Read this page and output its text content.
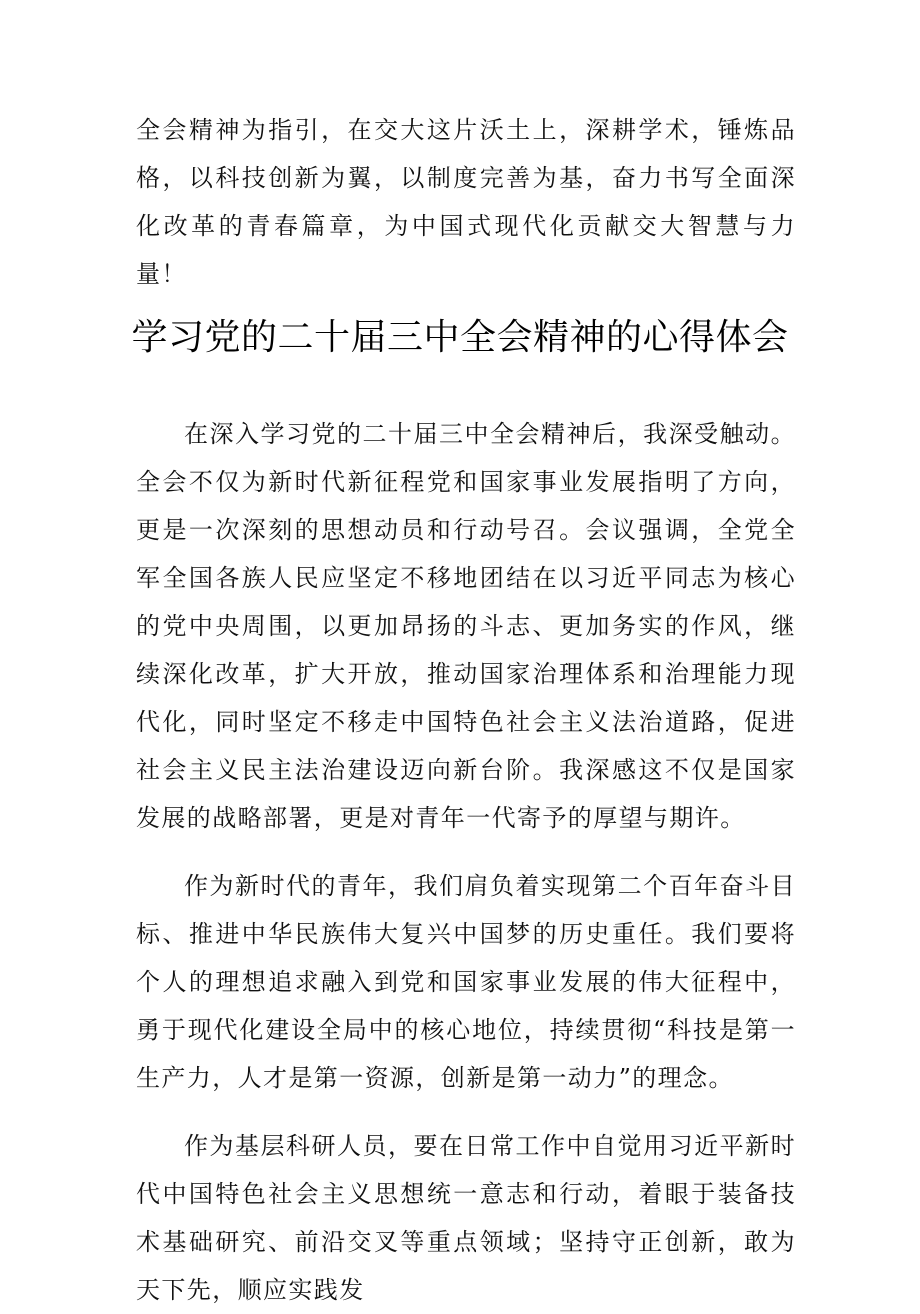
全会精神为指引，在交大这片沃土上，深耕学术，锤炼品格，以科技创新为翼，以制度完善为基，奋力书写全面深化改革的青春篇章，为中国式现代化贡献交大智慧与力量！

学习党的二十届三中全会精神的心得体会

在深入学习党的二十届三中全会精神后，我深受触动。全会不仅为新时代新征程党和国家事业发展指明了方向，更是一次深刻的思想动员和行动号召。会议强调，全党全军全国各族人民应坚定不移地团结在以习近平同志为核心的党中央周围，以更加昂扬的斗志、更加务实的作风，继续深化改革，扩大开放，推动国家治理体系和治理能力现代化，同时坚定不移走中国特色社会主义法治道路，促进社会主义民主法治建设迈向新台阶。我深感这不仅是国家发展的战略部署，更是对青年一代寄予的厚望与期许。

作为新时代的青年，我们肩负着实现第二个百年奋斗目标、推进中华民族伟大复兴中国梦的历史重任。我们要将个人的理想追求融入到党和国家事业发展的伟大征程中，勇于现代化建设全局中的核心地位，持续贯彻“科技是第一生产力，人才是第一资源，创新是第一动力”的理念。

作为基层科研人员，要在日常工作中自觉用习近平新时代中国特色社会主义思想统一意志和行动，着眼于装备技术基础研究、前沿交叉等重点领域；坚持守正创新，敢为天下先，顺应实践发
